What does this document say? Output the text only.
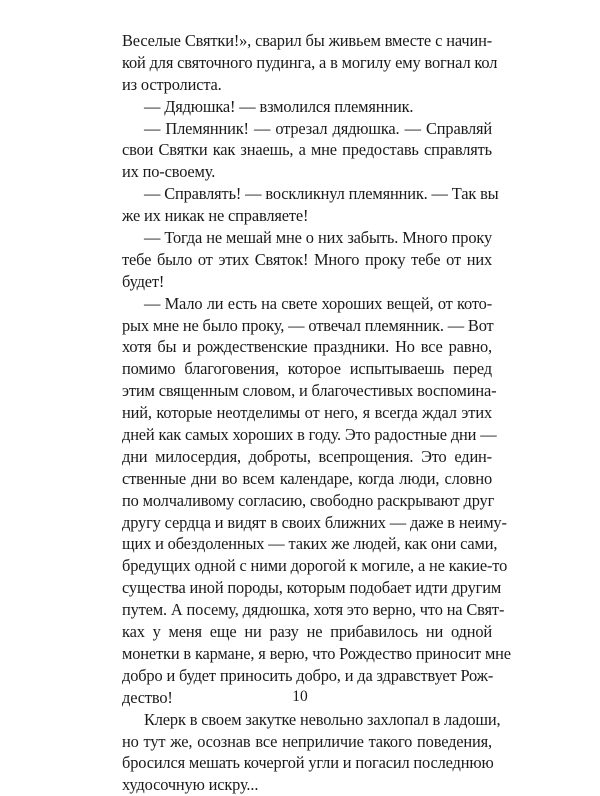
Веселые Святки!», сварил бы живьем вместе с начин-
кой для святочного пудинга, а в могилу ему вогнал кол
из остролиста.
— Дядюшка! — взмолился племянник.
— Племянник! — отрезал дядюшка. — Справляй
свои Святки как знаешь, а мне предоставь справлять
их по-своему.
— Справлять! — воскликнул племянник. — Так вы
же их никак не справляете!
— Тогда не мешай мне о них забыть. Много проку
тебе было от этих Святок! Много проку тебе от них
будет!
— Мало ли есть на свете хороших вещей, от кото-
рых мне не было проку, — отвечал племянник. — Вот
хотя бы и рождественские праздники. Но все равно,
помимо благоговения, которое испытываешь перед
этим священным словом, и благочестивых воспомина-
ний, которые неотделимы от него, я всегда ждал этих
дней как самых хороших в году. Это радостные дни —
дни милосердия, доброты, всепрощения. Это един-
ственные дни во всем календаре, когда люди, словно
по молчаливому согласию, свободно раскрывают друг
другу сердца и видят в своих ближних — даже в неиму-
щих и обездоленных — таких же людей, как они сами,
бредущих одной с ними дорогой к могиле, а не какие-то
существа иной породы, которым подобает идти другим
путем. А посему, дядюшка, хотя это верно, что на Свят-
ках у меня еще ни разу не прибавилось ни одной
монетки в кармане, я верю, что Рождество приносит мне
добро и будет приносить добро, и да здравствует Рож-
дество!
Клерк в своем закутке невольно захлопал в ладоши,
но тут же, осознав все неприличие такого поведения,
бросился мешать кочергой угли и погасил последнюю
худосочную искру...
10
